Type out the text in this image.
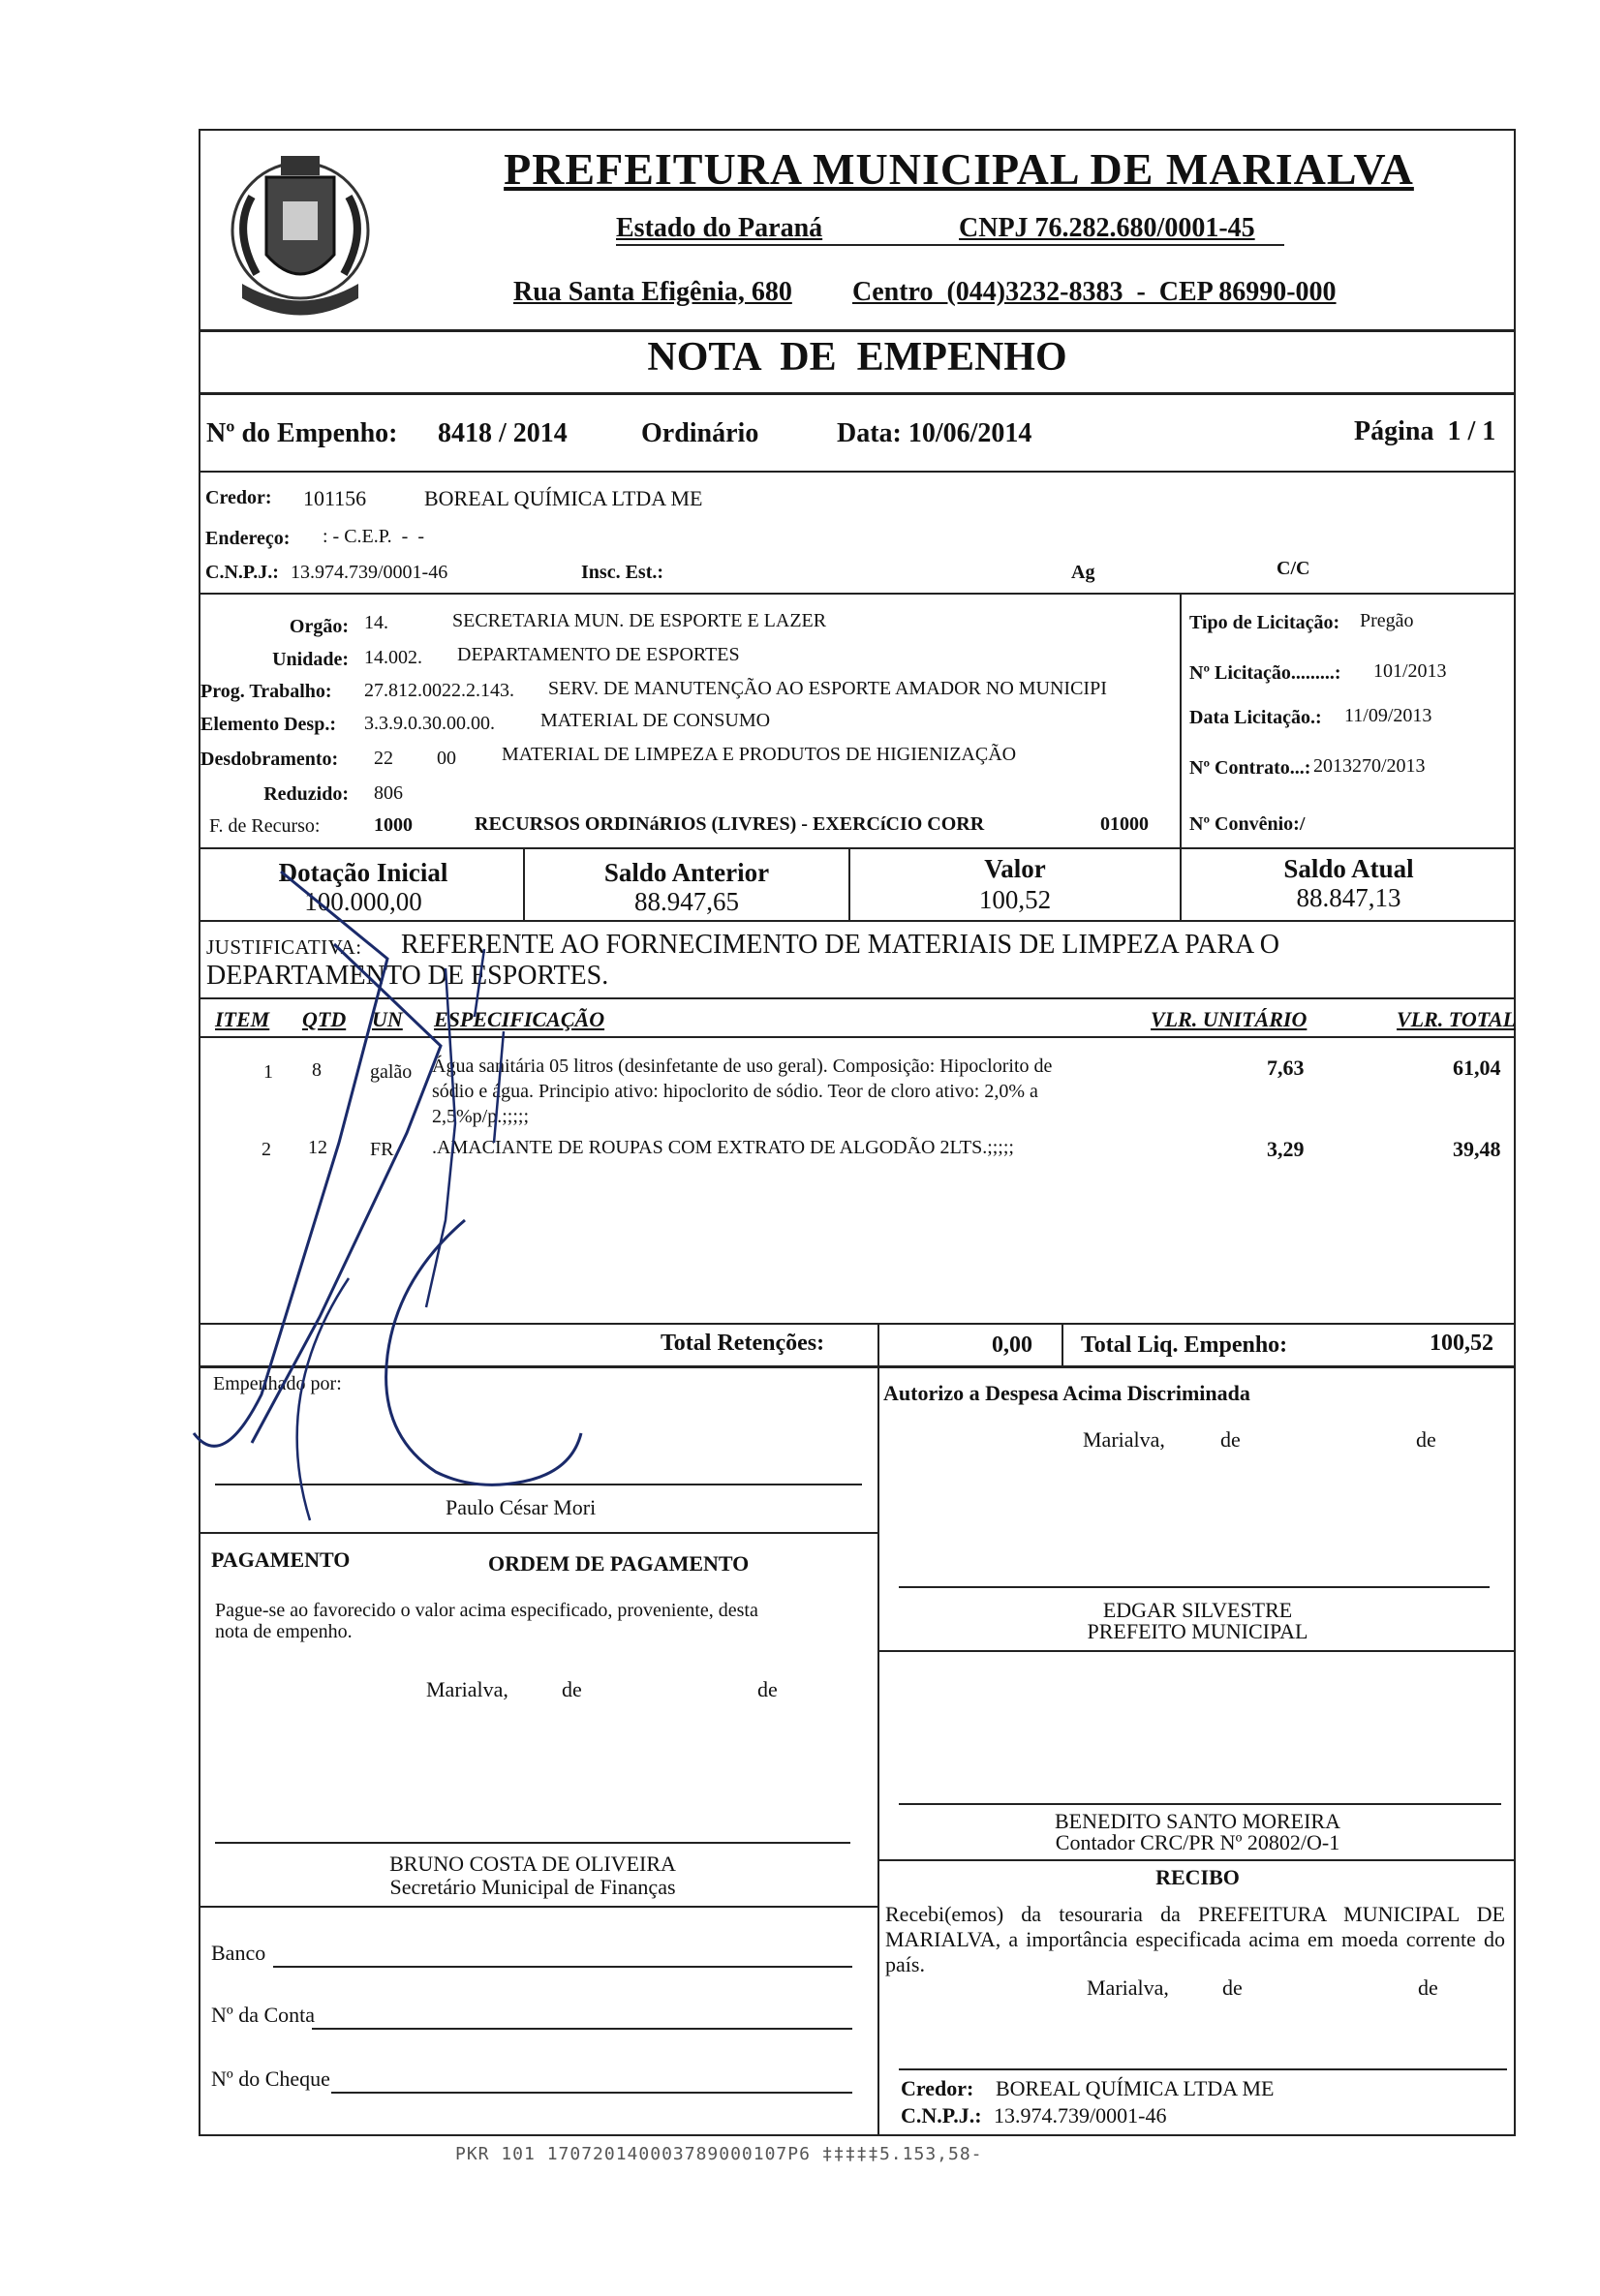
PREFEITURA MUNICIPAL DE MARIALVA
Estado do Paraná	CNPJ 76.282.680/0001-45
Rua Santa Efigênia, 680 Centro  (044)3232-8383  -  CEP 86990-000
NOTA  DE  EMPENHO
Nº do Empenho: 8418 / 2014	Ordinário	Data: 10/06/2014	Página  1 / 1
Credor: 101156	BOREAL QUÍMICA LTDA ME
Endereço: : - C.E.P.  -  -
C.N.P.J.: 13.974.739/0001-46	Insc. Est.:	Ag	C/C
Orgão: 14.	SECRETARIA MUN. DE ESPORTE E LAZER
Unidade: 14.002. DEPARTAMENTO DE ESPORTES
Prog. Trabalho: 27.812.0022.2.143. SERV. DE MANUTENÇÃO AO ESPORTE AMADOR NO MUNICIPI
Elemento Desp.: 3.3.9.0.30.00.00. MATERIAL DE CONSUMO
Desdobramento: 22 00 MATERIAL DE LIMPEZA E PRODUTOS DE HIGIENIZAÇÃO
Reduzido: 806
F. de Recurso:	1000	RECURSOS ORDINáRIOS (LIVRES) - EXERCíCIO CORR	01000
Tipo de Licitação: Pregão
Nº Licitação.........: 101/2013
Data Licitação.: 11/09/2013
Nº Contrato...: 2013270/2013
Nº Convênio:/
Dotação Inicial
100.000,00
Saldo Anterior
88.947,65
Valor
100,52
Saldo Atual
88.847,13
JUSTIFICATIVA: REFERENTE AO FORNECIMENTO DE MATERIAIS DE LIMPEZA PARA O
DEPARTAMENTO DE ESPORTES.
ITEM QTD UN ESPECIFICAÇÃO	VLR. UNITÁRIO	VLR. TOTAL
1 8	galão Água sanitária 05 litros (desinfetante de uso geral). Composição: Hipoclorito de
sódio e água. Principio ativo: hipoclorito de sódio. Teor de cloro ativo: 2,0% a
2,5%p/p.;;;;;
7,63	61,04
2 12 FR .AMACIANTE DE ROUPAS COM EXTRATO DE ALGODÃO 2LTS.;;;;;	3,29	39,48
Total Retenções:	0,00 Total Liq. Empenho:	100,52
Empenhado por:
Paulo César Mori
Autorizo a Despesa Acima Discriminada
Marialva,	de	de
EDGAR SILVESTRE
PREFEITO MUNICIPAL
PAGAMENTO	ORDEM DE PAGAMENTO
Pague-se ao favorecido o valor acima especificado, proveniente, desta
nota de empenho.
Marialva,	de	de
BRUNO COSTA DE OLIVEIRA
Secretário Municipal de Finanças
BENEDITO SANTO MOREIRA
Contador CRC/PR Nº 20802/O-1
Banco
Nº da Conta
Nº do Cheque
RECIBO
Recebi(emos) da tesouraria da PREFEITURA MUNICIPAL DE
MARIALVA, a importância especificada acima em moeda corrente do
país.
Marialva,	de	de
Credor: BOREAL QUÍMICA LTDA ME
C.N.P.J.: 13.974.739/0001-46
PKR 101 170720140003789000107P6 ‡‡‡‡‡5.153,58-
